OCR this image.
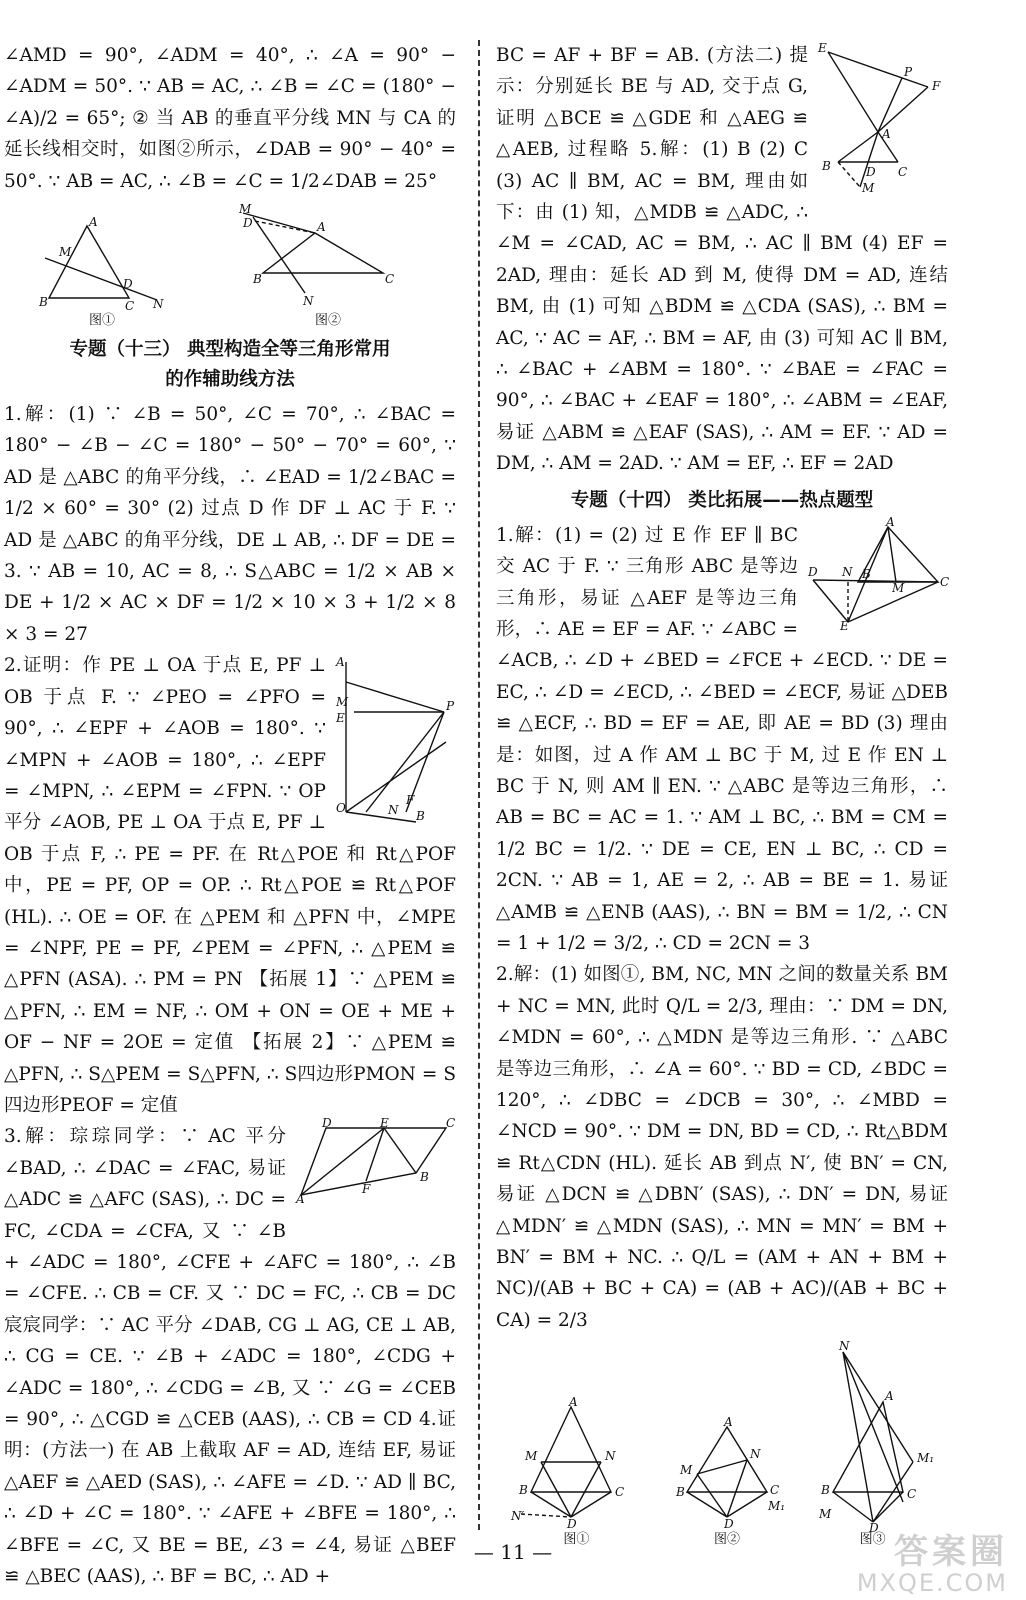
∠AMD = 90°, ∠ADM = 40°, ∴ ∠A = 90° − ∠ADM = 50°. ∵ AB = AC, ∴ ∠B = ∠C = (180° − ∠A)/2 = 65°; ② 当 AB 的垂直平分线 MN 与 CA 的延长线相交时，如图②所示，∠DAB = 90° − 40° = 50°. ∵ AB = AC, ∴ ∠B = ∠C = 1/2∠DAB = 25°

A
M
B
D
C N
图①
M
D	A
B	C
N
图②
专题（十三） 典型构造全等三角形常用
的作辅助线方法

1.解：(1) ∵ ∠B = 50°, ∠C = 70°, ∴ ∠BAC = 180° − ∠B − ∠C = 180° − 50° − 70° = 60°, ∵ AD 是 △ABC 的角平分线，∴ ∠EAD = 1/2∠BAC = 1/2 × 60° = 30° (2) 过点 D 作 DF ⊥ AC 于 F. ∵ AD 是 △ABC 的角平分线，DE ⊥ AB, ∴ DF = DE = 3. ∵ AB = 10, AC = 8, ∴ S△ABC = 1/2 × AB × DE + 1/2 × AC × DF = 1/2 × 10 × 3 + 1/2 × 8 × 3 = 27

A
M
E
P
O	N
F
B

2.证明：作 PE ⊥ OA 于点 E, PF ⊥ OB 于点 F. ∵ ∠PEO = ∠PFO = 90°, ∴ ∠EPF + ∠AOB = 180°. ∵ ∠MPN + ∠AOB = 180°, ∴ ∠EPF = ∠MPN, ∴ ∠EPM = ∠FPN. ∵ OP 平分 ∠AOB, PE ⊥ OA 于点 E, PF ⊥ OB 于点 F, ∴ PE = PF. 在 Rt△POE 和 Rt△POF 中，PE = PF, OP = OP. ∴ Rt△POE ≌ Rt△POF (HL). ∴ OE = OF. 在 △PEM 和 △PFN 中，∠MPE = ∠NPF, PE = PF, ∠PEM = ∠PFN, ∴ △PEM ≌ △PFN (ASA). ∴ PM = PN 【拓展 1】∵ △PEM ≌ △PFN, ∴ EM = NF, ∴ OM + ON = OE + ME + OF − NF = 2OE = 定值 【拓展 2】∵ △PEM ≌ △PFN, ∴ S△PEM = S△PFN, ∴ S四边形PMON = S四边形PEOF = 定值

D	E	C
A
F
B

3.解：琮琮同学：∵ AC 平分 ∠BAD, ∴ ∠DAC = ∠FAC, 易证 △ADC ≌ △AFC (SAS), ∴ DC = FC, ∠CDA = ∠CFA, 又 ∵ ∠B + ∠ADC = 180°, ∠CFE + ∠AFC = 180°, ∴ ∠B = ∠CFE. ∴ CB = CF. 又 ∵ DC = FC, ∴ CB = DC 宸宸同学：∵ AC 平分 ∠DAB, CG ⊥ AG, CE ⊥ AB, ∴ CG = CE. ∵ ∠B + ∠ADC = 180°, ∠CDG + ∠ADC = 180°, ∴ ∠CDG = ∠B, 又 ∵ ∠G = ∠CEB = 90°, ∴ △CGD ≌ △CEB (AAS), ∴ CB = CD 4.证明：(方法一) 在 AB 上截取 AF = AD, 连结 EF, 易证 △AEF ≌ △AED (SAS), ∴ ∠AFE = ∠D. ∵ AD ∥ BC, ∴ ∠D + ∠C = 180°. ∵ ∠AFE + ∠BFE = 180°, ∴ ∠BFE = ∠C, 又 BE = BE, ∠3 = ∠4, 易证 △BEF ≌ △BEC (AAS), ∴ BF = BC, ∴ AD +

E
P
F
A
B	D C
M

BC = AF + BF = AB. (方法二) 提示：分别延长 BE 与 AD, 交于点 G, 证明 △BCE ≌ △GDE 和 △AEG ≌ △AEB, 过程略 5.解：(1) B (2) C (3) AC ∥ BM, AC = BM, 理由如下：由 (1) 知，△MDB ≌ △ADC, ∴ ∠M = ∠CAD, AC = BM, ∴ AC ∥ BM (4) EF = 2AD, 理由：延长 AD 到 M, 使得 DM = AD, 连结 BM, 由 (1) 可知 △BDM ≌ △CDA (SAS), ∴ BM = AC, ∵ AC = AF, ∴ BM = AF, 由 (3) 可知 AC ∥ BM, ∴ ∠BAC + ∠ABM = 180°. ∵ ∠BAE = ∠FAC = 90°, ∴ ∠BAC + ∠EAF = 180°, ∴ ∠ABM = ∠EAF, 易证 △ABM ≌ △EAF (SAS), ∴ AM = EF. ∵ AD = DM, ∴ AM = 2AD. ∵ AM = EF, ∴ EF = 2AD

专题（十四） 类比拓展——热点题型
A
D	B
N
M	C
E

1.解：(1) = (2) 过 E 作 EF ∥ BC 交 AC 于 F. ∵ 三角形 ABC 是等边三角形，易证 △AEF 是等边三角形，∴ AE = EF = AF. ∵ ∠ABC = ∠ACB, ∴ ∠D + ∠BED = ∠FCE + ∠ECD. ∵ DE = EC, ∴ ∠D = ∠ECD, ∴ ∠BED = ∠ECF, 易证 △DEB ≌ △ECF, ∴ BD = EF = AE, 即 AE = BD (3) 理由是：如图，过 A 作 AM ⊥ BC 于 M, 过 E 作 EN ⊥ BC 于 N, 则 AM ∥ EN. ∵ △ABC 是等边三角形，∴ AB = BC = AC = 1. ∵ AM ⊥ BC, ∴ BM = CM = 1/2 BC = 1/2. ∵ DE = CE, EN ⊥ BC, ∴ CD = 2CN. ∵ AB = 1, AE = 2, ∴ AB = BE = 1. 易证 △AMB ≌ △ENB (AAS), ∴ BN = BM = 1/2, ∴ CN = 1 + 1/2 = 3/2, ∴ CD = 2CN = 3

2.解：(1) 如图①, BM, NC, MN 之间的数量关系 BM + NC = MN, 此时 Q/L = 2/3, 理由：∵ DM = DN, ∠MDN = 60°, ∴ △MDN 是等边三角形. ∵ △ABC 是等边三角形，∴ ∠A = 60°. ∵ BD = CD, ∠BDC = 120°, ∴ ∠DBC = ∠DCB = 30°, ∴ ∠MBD = ∠NCD = 90°. ∵ DM = DN, BD = CD, ∴ Rt△BDM ≌ Rt△CDN (HL). 延长 AB 到点 N′, 使 BN′ = CN, 易证 △DCN ≌ △DBN′ (SAS), ∴ DN′ = DN, 易证 △MDN′ ≌ △MDN (SAS), ∴ MN = MN′ = BM + BN′ = BM + NC. ∴ Q/L = (AM + AN + BM + NC)/(AB + BC + CA) = (AB + AC)/(AB + BC + CA) = 2/3

A
M	N
B	C
D
N′
图①
A
M
N
B	C
D
M₁
图②
N
A
M₁
B	C
D
M
图③
— 11 —	答案圈
MXQE.COM
